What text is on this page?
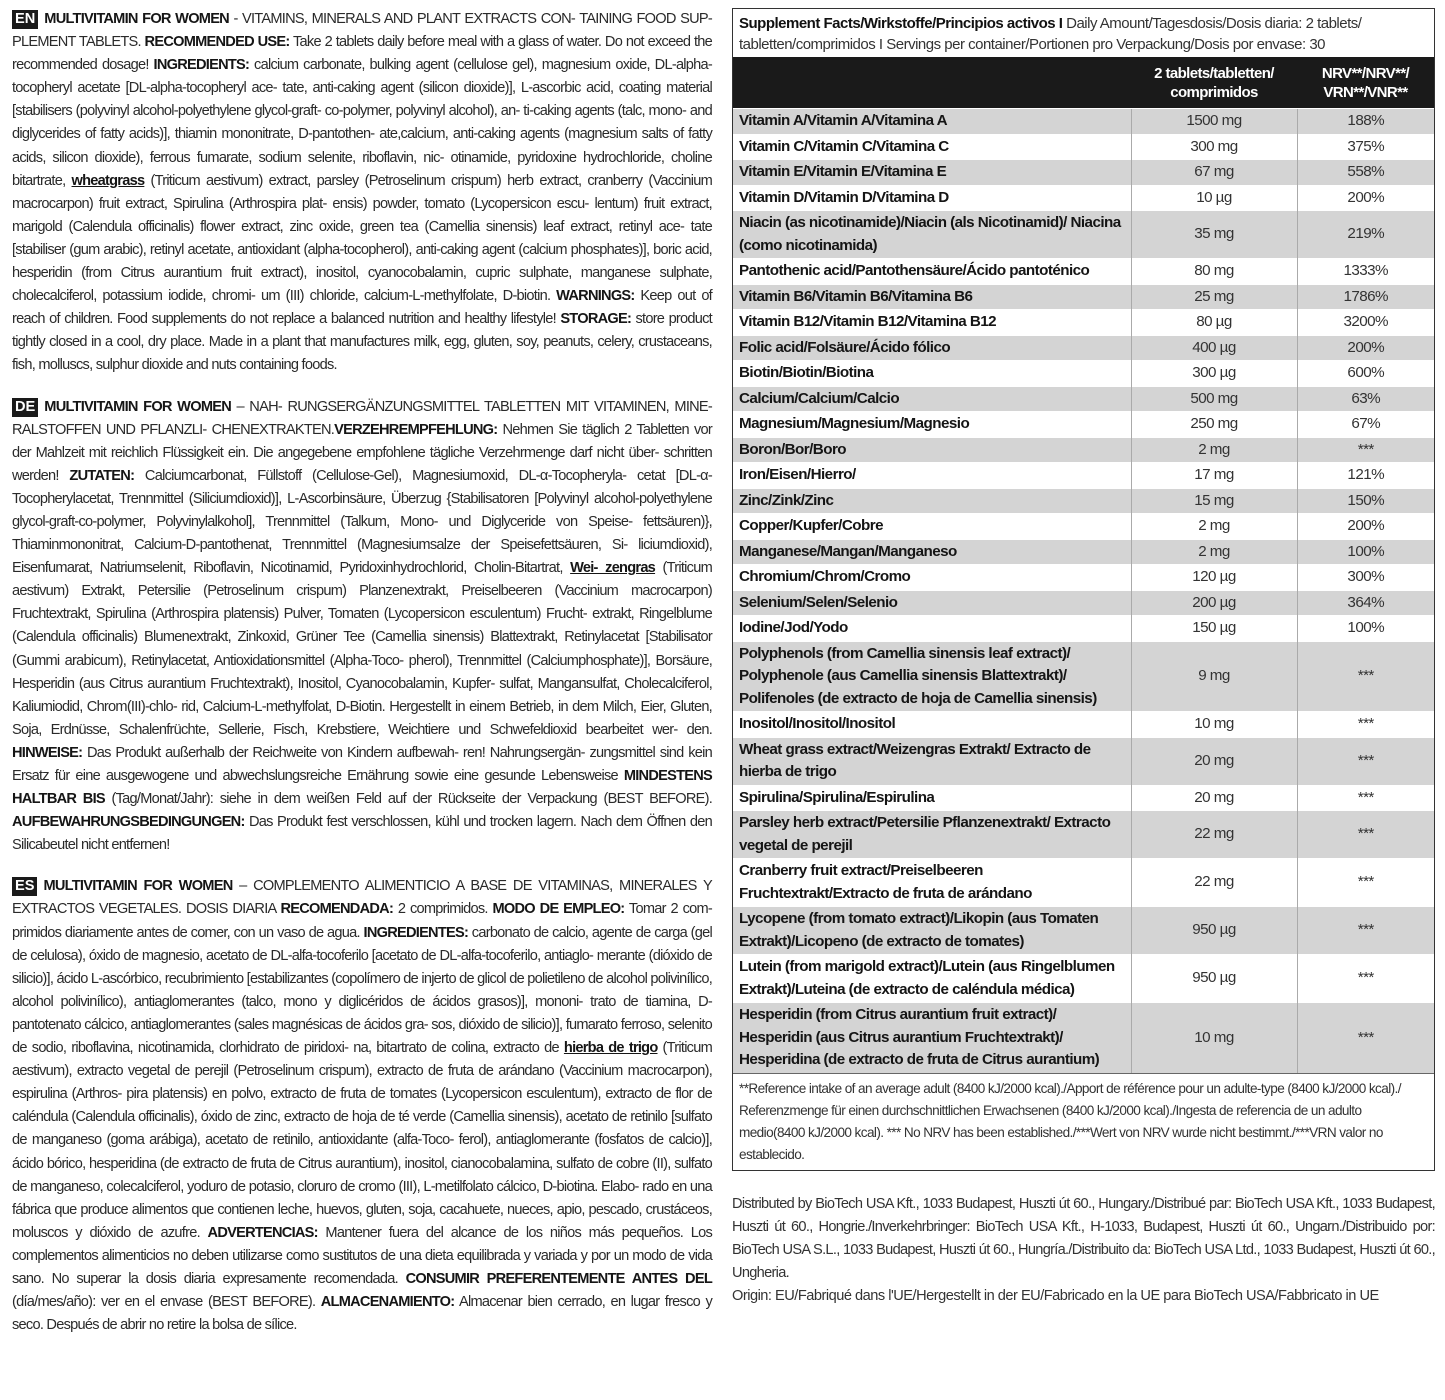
EN MULTIVITAMIN FOR WOMEN - VITAMINS, MINERALS AND PLANT EXTRACTS CON- TAINING FOOD SUP- PLEMENT TABLETS. RECOMMENDED USE: Take 2 tablets daily before meal with a glass of water. Do not exceed the recommended dosage! INGREDIENTS: calcium carbonate, bulking agent (cellulose gel), magnesium oxide, DL-alpha-tocopheryl acetate [DL-alpha-tocopheryl ace- tate, anti-caking agent (silicon dioxide)], L-ascorbic acid, coating material [stabilisers (polyvinyl alcohol-polyethylene glycol-graft- co-polymer, polyvinyl alcohol), an- ti-caking agents (talc, mono- and diglycerides of fatty acids)], thiamin mononitrate, D-pantothen- ate,calcium, anti-caking agents (magnesium salts of fatty acids, silicon dioxide), ferrous fumarate, sodium selenite, riboflavin, nic- otinamide, pyridoxine hydrochloride, choline bitartrate, wheatgrass (Triticum aestivum) extract, parsley (Petroselinum crispum) herb extract, cranberry (Vaccinium macrocarpon) fruit extract, Spirulina (Arthrospira plat- ensis) powder, tomato (Lycopersicon escu- lentum) fruit extract, marigold (Calendula officinalis) flower extract, zinc oxide, green tea (Camellia sinensis) leaf extract, retinyl ace- tate [stabiliser (gum arabic), retinyl acetate, antioxidant (alpha-tocopherol), anti-caking agent (calcium phosphates)], boric acid, hesperidin (from Citrus aurantium fruit extract), inositol, cyanocobalamin, cupric sulphate, manganese sulphate, cholecalciferol, potassium iodide, chromi- um (III) chloride, calcium-L-methylfolate, D-biotin. WARNINGS: Keep out of reach of children. Food supplements do not replace a balanced nutrition and healthy lifestyle! STORAGE: store product tightly closed in a cool, dry place. Made in a plant that manufactures milk, egg, gluten, soy, peanuts, celery, crustaceans, fish, molluscs, sulphur dioxide and nuts containing foods.
DE MULTIVITAMIN FOR WOMEN – NAH- RUNGSERGÄNZUNGSMITTEL TABLETTEN MIT VITAMINEN, MINE- RALSTOFFEN UND PFLANZLI- CHENEXTRAKTEN.VERZEHREMPFEHLUNG: Nehmen Sie täglich 2 Tabletten vor der Mahlzeit mit reichlich Flüssigkeit ein. Die angegebene empfohlene tägliche Verzehrmenge darf nicht über- schritten werden! ZUTATEN: Calciumcarbonat, Füllstoff (Cellulose-Gel), Magnesiumoxid, DL-α-Tocopheryla- cetat [DL-α-Tocopherylacetat, Trennmittel (Siliciumdioxid)], L-Ascorbinsäure, Überzug {Stabilisatoren [Polyvinyl alcohol-polyethylene glycol-graft-co-polymer, Polyvinylalkohol], Trennmittel (Talkum, Mono- und Diglyceride von Speise- fettsäuren)}, Thiaminmononitrat, Calcium-D-pantothenat, Trennmittel (Magnesiumsalze der Speisefettsäuren, Si- liciumdioxid), Eisenfumarat, Natriumselenit, Riboflavin, Nicotinamid, Pyridoxinhydrochlorid, Cholin-Bitartrat, Wei- zengras (Triticum aestivum) Extrakt, Petersilie (Petroselinum crispum) Planzenextrakt, Preiselbeeren (Vaccinium macrocarpon) Fruchtextrakt, Spirulina (Arthrospira platensis) Pulver, Tomaten (Lycopersicon esculentum) Frucht- extrakt, Ringelblume (Calendula officinalis) Blumenextrakt, Zinkoxid, Grüner Tee (Camellia sinensis) Blattextrakt, Retinylacetat [Stabilisator (Gummi arabicum), Retinylacetat, Antioxidationsmittel (Alpha-Toco- pherol), Trennmittel (Calciumphosphate)], Borsäure, Hesperidin (aus Citrus aurantium Fruchtextrakt), Inositol, Cyanocobalamin, Kupfer- sulfat, Mangansulfat, Cholecalciferol, Kaliumiodid, Chrom(III)-chlo- rid, Calcium-L-methylfolat, D-Biotin. Hergestellt in einem Betrieb, in dem Milch, Eier, Gluten, Soja, Erdnüsse, Schalenfrüchte, Sellerie, Fisch, Krebstiere, Weichtiere und Schwefeldioxid bearbeitet wer- den. HINWEISE: Das Produkt außerhalb der Reichweite von Kindern aufbewah- ren! Nahrungsergän- zungsmittel sind kein Ersatz für eine ausgewogene und abwechslungsreiche Ernährung sowie eine gesunde Lebensweise MINDESTENS HALTBAR BIS (Tag/Monat/Jahr): siehe in dem weißen Feld auf der Rückseite der Verpackung (BEST BEFORE). AUFBEWAHRUNGSBEDINGUNGEN: Das Produkt fest verschlossen, kühl und trocken lagern. Nach dem Öffnen den Silicabeutel nicht entfernen!
ES MULTIVITAMIN FOR WOMEN – COMPLEMENTO ALIMENTICIO A BASE DE VITAMINAS, MINERALES Y EXTRACTOS VEGETALES. DOSIS DIARIA RECOMENDADA: 2 comprimidos. MODO DE EMPLEO: Tomar 2 com- primidos diariamente antes de comer, con un vaso de agua. INGREDIENTES: carbonato de calcio, agente de carga (gel de celulosa), óxido de magnesio, acetato de DL-alfa-tocoferilo [acetato de DL-alfa-tocoferilo, antiaglo- merante (dióxido de silicio)], ácido L-ascórbico, recubrimiento [estabilizantes (copolímero de injerto de glicol de polietileno de alcohol polivinílico, alcohol polivinílico), antiaglomerantes (talco, mono y diglicéridos de ácidos grasos)], mononi- trato de tiamina, D-pantotenato cálcico, antiaglomerantes (sales magnésicas de ácidos gra- sos, dióxido de silicio)], fumarato ferroso, selenito de sodio, riboflavina, nicotinamida, clorhidrato de piridoxi- na, bitartrato de colina, extracto de hierba de trigo (Triticum aestivum), extracto vegetal de perejil (Petroselinum crispum), extracto de fruta de arándano (Vaccinium macrocarpon), espirulina (Arthros- pira platensis) en polvo, extracto de fruta de tomates (Lycopersicon esculentum), extracto de flor de caléndula (Calendula officinalis), óxido de zinc, extracto de hoja de té verde (Camellia sinensis), acetato de retinilo [sulfato de manganeso (goma arábiga), acetato de retinilo, antioxidante (alfa-Toco- ferol), antiaglomerante (fosfatos de calcio)], ácido bórico, hesperidina (de extracto de fruta de Citrus aurantium), inositol, cianocobalamina, sulfato de cobre (II), sulfato de manganeso, colecalciferol, yoduro de potasio, cloruro de cromo (III), L-metilfolato cálcico, D-biotina. Elabo- rado en una fábrica que produce alimentos que contienen leche, huevos, gluten, soja, cacahuete, nueces, apio, pescado, crustáceos, moluscos y dióxido de azufre. ADVERTENCIAS: Mantener fuera del alcance de los niños más pequeños. Los complementos alimenticios no deben utilizarse como sustitutos de una dieta equilibrada y variada y por un modo de vida sano. No superar la dosis diaria expresamente recomendada. CONSUMIR PREFERENTEMENTE ANTES DEL (día/mes/año): ver en el envase (BEST BEFORE). ALMACENAMIENTO: Almacenar bien cerrado, en lugar fresco y seco. Después de abrir no retire la bolsa de sílice.
Supplement Facts/Wirkstoffe/Principios activos I Daily Amount/Tagesdosis/Dosis diaria: 2 tablets/ tabletten/comprimidos I Servings per container/Portionen pro Verpackung/Dosis por envase: 30
	2 tablets/tabletten/ comprimidos	NRV**/NRV**/ VRN**/VNR**
Vitamin A/Vitamin A/Vitamina A	1500 mg	188%
Vitamin C/Vitamin C/Vitamina C	300 mg	375%
Vitamin E/Vitamin E/Vitamina E	67 mg	558%
Vitamin D/Vitamin D/Vitamina D	10 µg	200%
Niacin (as nicotinamide)/Niacin (als Nicotinamid)/ Niacina (como nicotinamida)	35 mg	219%
Pantothenic acid/Pantothensäure/Ácido pantoténico	80 mg	1333%
Vitamin B6/Vitamin B6/Vitamina B6	25 mg	1786%
Vitamin B12/Vitamin B12/Vitamina B12	80 µg	3200%
Folic acid/Folsäure/Ácido fólico	400 µg	200%
Biotin/Biotin/Biotina	300 µg	600%
Calcium/Calcium/Calcio	500 mg	63%
Magnesium/Magnesium/Magnesio	250 mg	67%
Boron/Bor/Boro	2 mg	***
Iron/Eisen/Hierro/	17 mg	121%
Zinc/Zink/Zinc	15 mg	150%
Copper/Kupfer/Cobre	2 mg	200%
Manganese/Mangan/Manganeso	2 mg	100%
Chromium/Chrom/Cromo	120 µg	300%
Selenium/Selen/Selenio	200 µg	364%
Iodine/Jod/Yodo	150 µg	100%
Polyphenols (from Camellia sinensis leaf extract)/ Polyphenole (aus Camellia sinensis Blattextrakt)/ Polifenoles (de extracto de hoja de Camellia sinensis)	9 mg	***
Inositol/Inositol/Inositol	10 mg	***
Wheat grass extract/Weizengras Extrakt/ Extracto de hierba de trigo	20 mg	***
Spirulina/Spirulina/Espirulina	20 mg	***
Parsley herb extract/Petersilie Pflanzenextrakt/ Extracto vegetal de perejil	22 mg	***
Cranberry fruit extract/Preiselbeeren Fruchtextrakt/Extracto de fruta de arándano	22 mg	***
Lycopene (from tomato extract)/Likopin (aus Tomaten Extrakt)/Licopeno (de extracto de tomates)	950 µg	***
Lutein (from marigold extract)/Lutein (aus Ringelblumen Extrakt)/Luteina (de extracto de caléndula médica)	950 µg	***
Hesperidin (from Citrus aurantium fruit extract)/ Hesperidin (aus Citrus aurantium Fruchtextrakt)/ Hesperidina (de extracto de fruta de Citrus aurantium)	10 mg	***
**Reference intake of an average adult (8400 kJ/2000 kcal)./Apport de référence pour un adulte-type (8400 kJ/2000 kcal)./ Referenzmenge für einen durchschnittlichen Erwachsenen (8400 kJ/2000 kcal)./Ingesta de referencia de un adulto medio(8400 kJ/2000 kcal). *** No NRV has been established./***Wert von NRV wurde nicht bestimmt./***VRN valor no establecido.
Distributed by BioTech USA Kft., 1033 Budapest, Huszti út 60., Hungary./Distribué par: BioTech USA Kft., 1033 Budapest, Huszti út 60., Hongrie./Inverkehrbringer: BioTech USA Kft., H-1033, Budapest, Huszti út 60., Ungarn./Distribuido por: BioTech USA S.L., 1033 Budapest, Huszti út 60., Hungría./Distribuito da: BioTech USA Ltd., 1033 Budapest, Huszti út 60., Ungheria.
Origin: EU/Fabriqué dans l'UE/Hergestellt in der EU/Fabricado en la UE para BioTech USA/Fabbricato in UE
